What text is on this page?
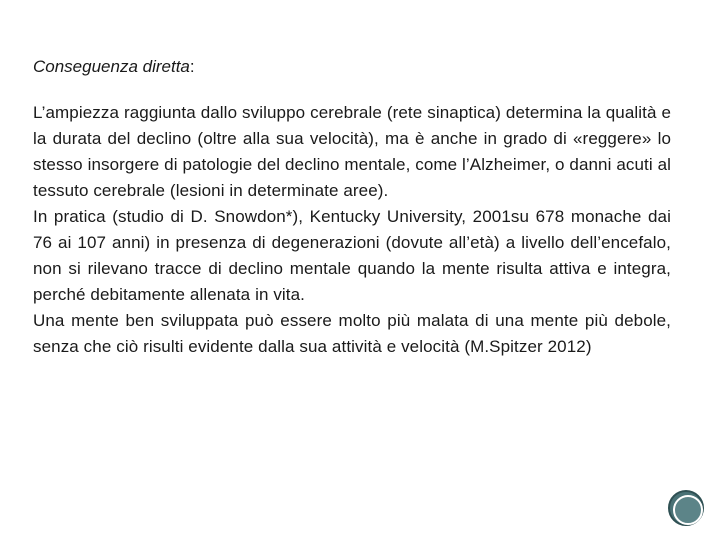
Conseguenza diretta:

L’ampiezza raggiunta dallo sviluppo cerebrale (rete sinaptica) determina la qualità e la durata del declino (oltre alla sua velocità), ma è anche in grado di «reggere» lo stesso insorgere di patologie del declino mentale, come l’Alzheimer, o danni acuti al tessuto cerebrale (lesioni in determinate aree).

In pratica (studio di D. Snowdon*), Kentucky University, 2001su 678 monache dai 76 ai 107 anni) in presenza di degenerazioni (dovute all’età) a livello dell’encefalo, non si rilevano tracce di declino mentale quando la mente risulta attiva e integra, perché debitamente allenata in vita.

Una mente ben sviluppata può essere molto più malata di una mente più debole, senza che ciò risulti evidente dalla sua attività e velocità (M.Spitzer 2012)
